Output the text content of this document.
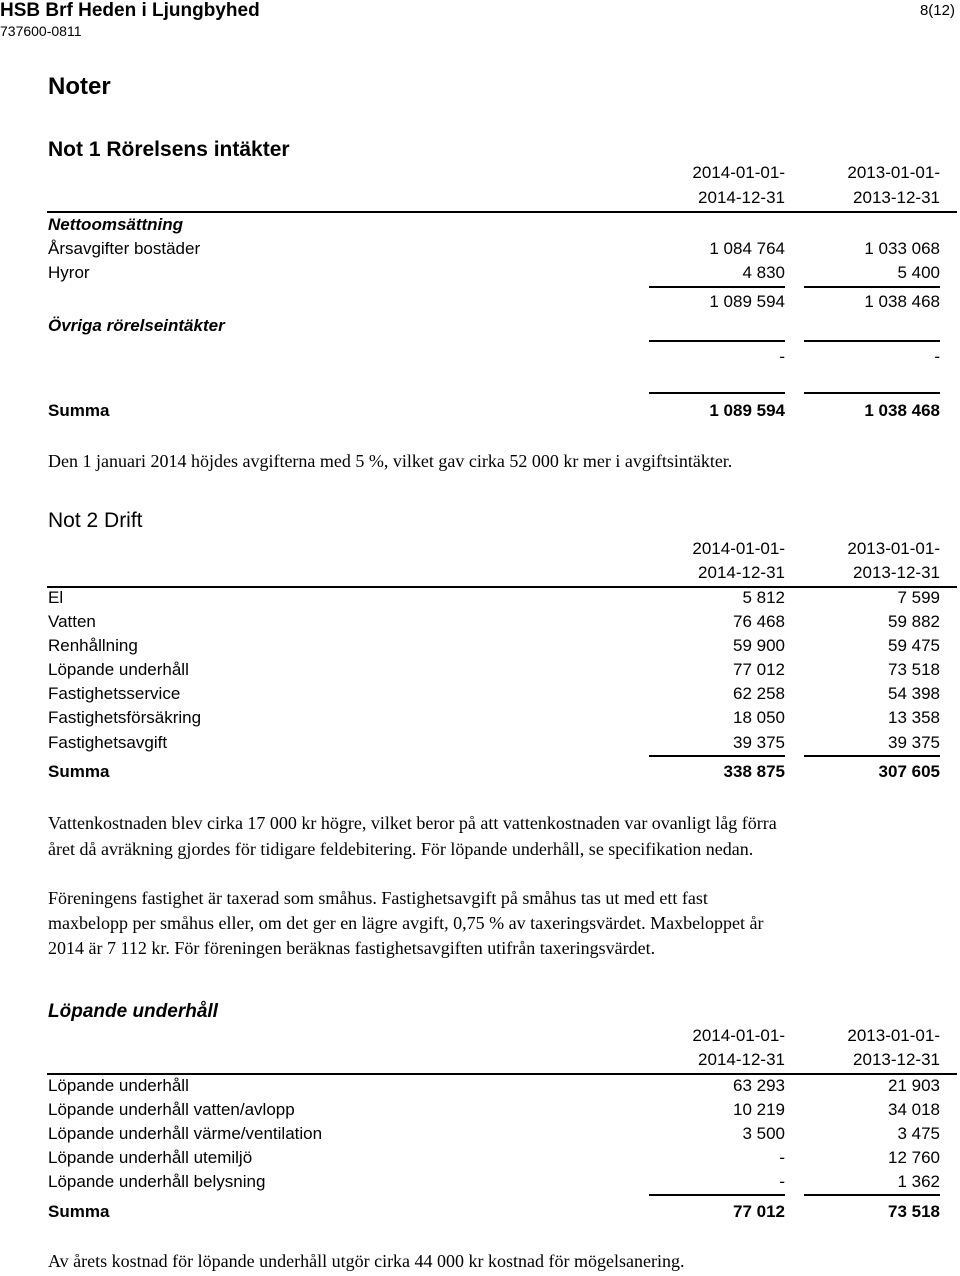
HSB Brf Heden i Ljungbyhed
737600-0811
8(12)
Noter
Not 1 Rörelsens intäkter
2014-01-01-	2013-01-01-
2014-12-31	2013-12-31
Nettoomsättning
Årsavgifter bostäder	1 084 764	1 033 068
Hyror	4 830	5 400
1 089 594	1 038 468
Övriga rörelseintäkter
-	-
Summa	1 089 594	1 038 468
Den 1 januari 2014 höjdes avgifterna med 5 %, vilket gav cirka 52 000 kr mer i avgiftsintäkter.
Not 2 Drift
2014-01-01-	2013-01-01-
2014-12-31	2013-12-31
El	5 812	7 599
Vatten	76 468	59 882
Renhållning	59 900	59 475
Löpande underhåll	77 012	73 518
Fastighetsservice	62 258	54 398
Fastighetsförsäkring	18 050	13 358
Fastighetsavgift	39 375	39 375
Summa	338 875	307 605
Vattenkostnaden blev cirka 17 000 kr högre, vilket beror på att vattenkostnaden var ovanligt låg förra
året då avräkning gjordes för tidigare feldebitering. För löpande underhåll, se specifikation nedan.
Föreningens fastighet är taxerad som småhus. Fastighetsavgift på småhus tas ut med ett fast
maxbelopp per småhus eller, om det ger en lägre avgift, 0,75 % av taxeringsvärdet. Maxbeloppet år
2014 är 7 112 kr. För föreningen beräknas fastighetsavgiften utifrån taxeringsvärdet.
Löpande underhåll
2014-01-01-	2013-01-01-
2014-12-31	2013-12-31
Löpande underhåll	63 293	21 903
Löpande underhåll vatten/avlopp	10 219	34 018
Löpande underhåll värme/ventilation	3 500	3 475
Löpande underhåll utemiljö	-	12 760
Löpande underhåll belysning	-	1 362
Summa	77 012	73 518
Av årets kostnad för löpande underhåll utgör cirka 44 000 kr kostnad för mögelsanering.
